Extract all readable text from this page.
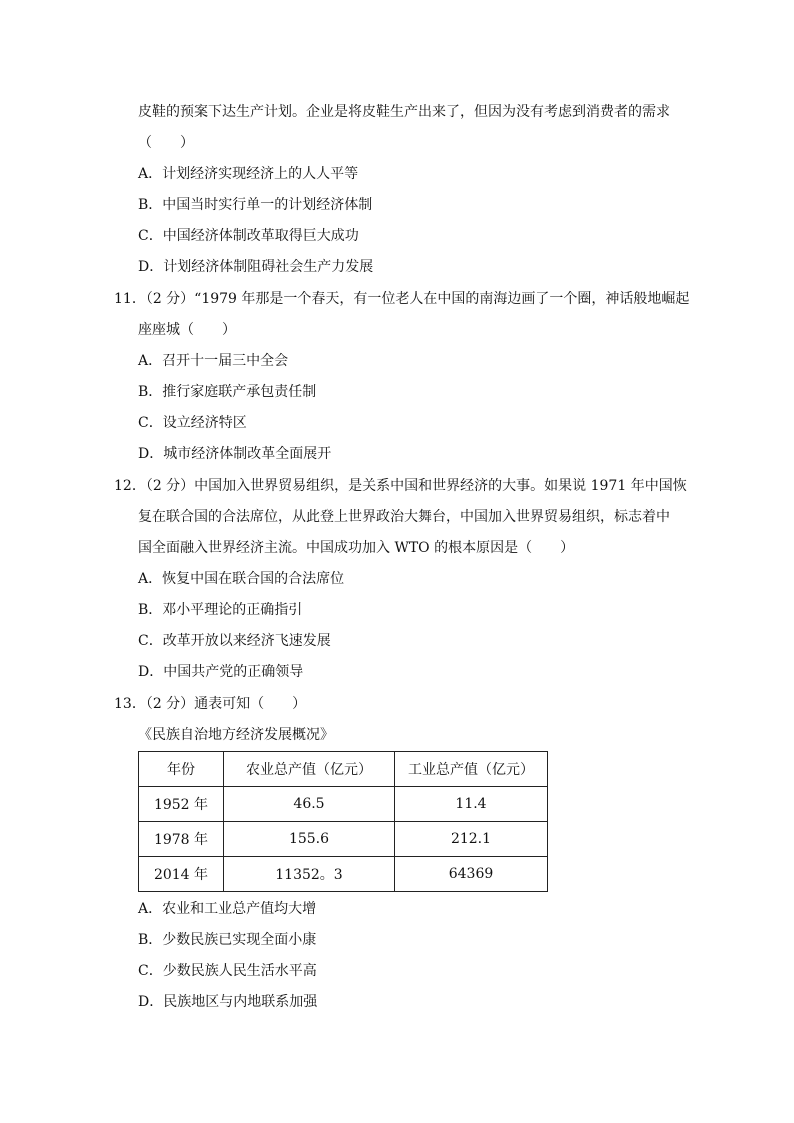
皮鞋的预案下达生产计划。企业是将皮鞋生产出来了，但因为没有考虑到消费者的需求
（　　）
A．计划经济实现经济上的人人平等
B．中国当时实行单一的计划经济体制
C．中国经济体制改革取得巨大成功
D．计划经济体制阻碍社会生产力发展
11．（2 分）“1979 年那是一个春天，有一位老人在中国的南海边画了一个圈，神话般地崛起
座座城（　　）
A．召开十一届三中全会
B．推行家庭联产承包责任制
C．设立经济特区
D．城市经济体制改革全面展开
12．（2 分）中国加入世界贸易组织，是关系中国和世界经济的大事。如果说 1971 年中国恢
复在联合国的合法席位，从此登上世界政治大舞台，中国加入世界贸易组织，标志着中
国全面融入世界经济主流。中国成功加入 WTO 的根本原因是（　　）
A．恢复中国在联合国的合法席位
B．邓小平理论的正确指引
C．改革开放以来经济飞速发展
D．中国共产党的正确领导
13．（2 分）通表可知（　　）
《民族自治地方经济发展概况》
年份	农业总产值（亿元）	工业总产值（亿元）
1952 年	46.5	11.4
1978 年	155.6	212.1
2014 年	11352。3	64369
A．农业和工业总产值均大增
B．少数民族已实现全面小康
C．少数民族人民生活水平高
D．民族地区与内地联系加强
